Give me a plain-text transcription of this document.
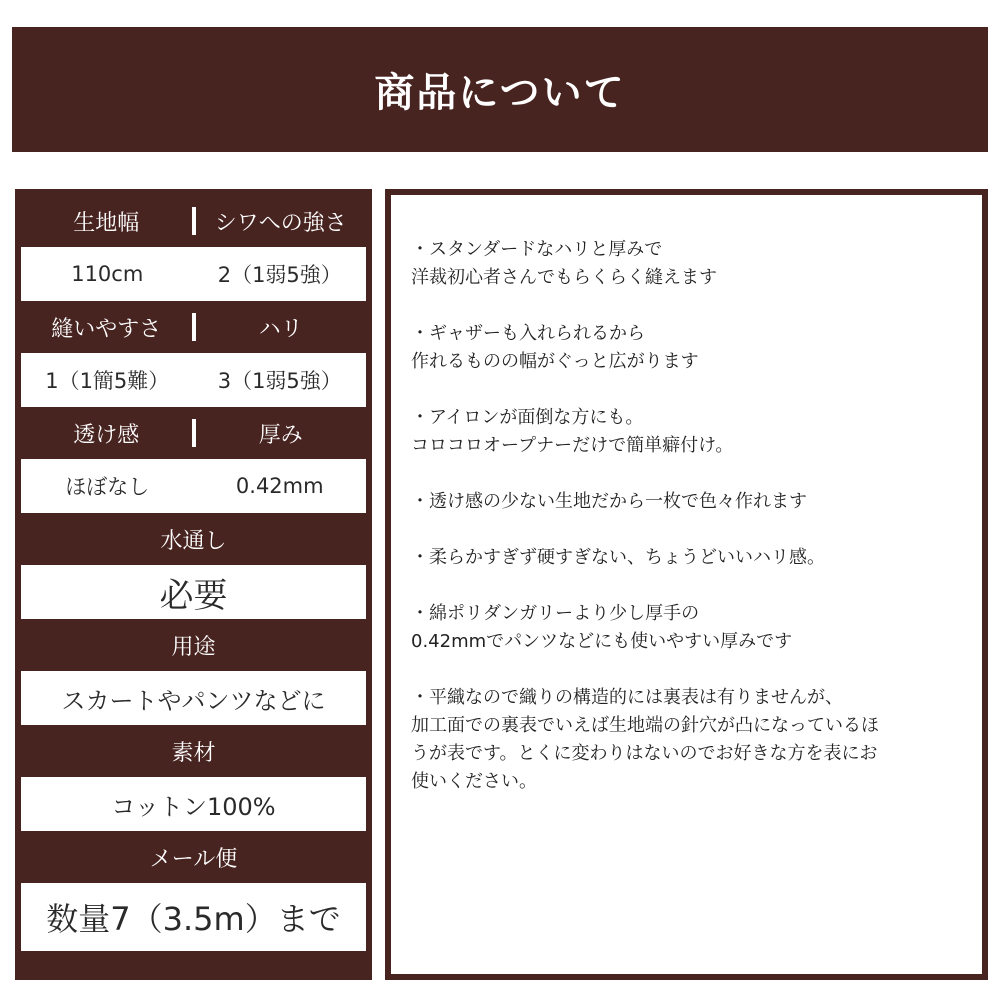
商品について
生地幅	シワへの強さ
110cm	2（1弱5強）
縫いやすさ	ハリ
1（1簡5難）	3（1弱5強）
透け感	厚み
ほぼなし	0.42mm
水通し
必要
用途
スカートやパンツなどに
素材
コットン100%
メール便
数量7（3.5m）まで
・スタンダードなハリと厚みで
洋裁初心者さんでもらくらく縫えます
・ギャザーも入れられるから
作れるものの幅がぐっと広がります
・アイロンが面倒な方にも。
コロコロオープナーだけで簡単癖付け。
・透け感の少ない生地だから一枚で色々作れます
・柔らかすぎず硬すぎない、ちょうどいいハリ感。
・綿ポリダンガリーより少し厚手の
0.42mmでパンツなどにも使いやすい厚みです
・平織なので織りの構造的には裏表は有りませんが、
加工面での裏表でいえば生地端の針穴が凸になっているほ
うが表です。とくに変わりはないのでお好きな方を表にお
使いください。
